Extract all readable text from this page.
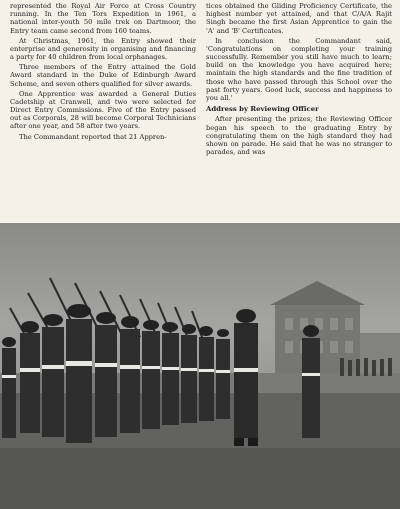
represented the Royal Air Force at Cross Country running. In the Ten Tors Expedition in 1961, a national inter-youth 50 mile trek on Dartmoor, the Entry team came second from 160 teams.

At Christmas, 1961, the Entry showed their enterprise and generosity in organising and financing a party for 40 children from local orphanages.

Three members of the Entry attained the Gold Award standard in the Duke of Edinburgh Award Scheme, and seven others qualified for silver awards.

One Apprentice was awarded a General Duties Cadetship at Cranwell, and two were selected for Direct Entry Commissions. Five of the Entry passed out as Corporals, 28 will become Corporal Technicians after one year, and 58 after two years.

The Commandant reported that 21 Appren-

tices obtained the Gliding Proficiency Certificate, the highest number yet attained, and that C/A/A Rajit Singh became the first Asian Apprentice to gain the 'A' and 'B' Certificates.

In conclusion the Commandant said, 'Congratulations on completing your training successfully. Remember you still have much to learn; build on the knowledge you have acquired here; maintain the high standards and the fine tradition of those who have passed through this School over the past forty years. Good luck, success and happiness to you all.'

Address by Reviewing Officer

After presenting the prizes, the Reviewing Officer began his speech to the graduating Entry by congratulating them on the high standard they had shown on parade. He said that he was no stranger to parades, and was
